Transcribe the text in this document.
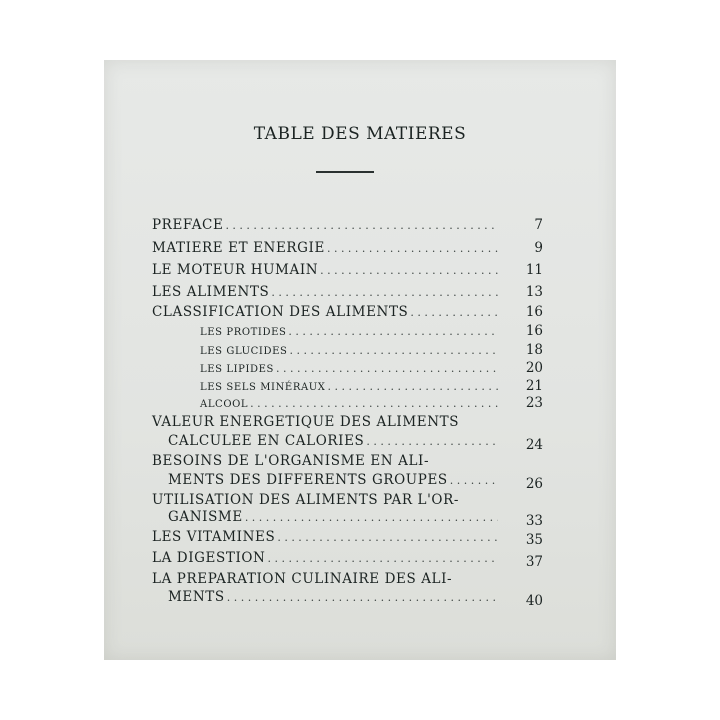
TABLE DES MATIERES
PREFACE . . .	7
MATIERE ET ENERGIE . . .	9
LE MOTEUR HUMAIN . . .	11
LES ALIMENTS . . .	13
CLASSIFICATION DES ALIMENTS . . .	16
LES PROTIDES . . .	16
LES GLUCIDES . . .	18
LES LIPIDES . . .	20
LES SELS MINÉRAUX . . .	21
ALCOOL . . .	23
VALEUR ENERGETIQUE DES ALIMENTS
CALCULEE EN CALORIES . . .	24
BESOINS DE L'ORGANISME EN ALI-
MENTS DES DIFFERENTS GROUPES . . .	26
UTILISATION DES ALIMENTS PAR L'OR-
GANISME . . .	33
LES VITAMINES . . .	35
LA DIGESTION . . .	37
LA PREPARATION CULINAIRE DES ALI-
MENTS . . .	40
